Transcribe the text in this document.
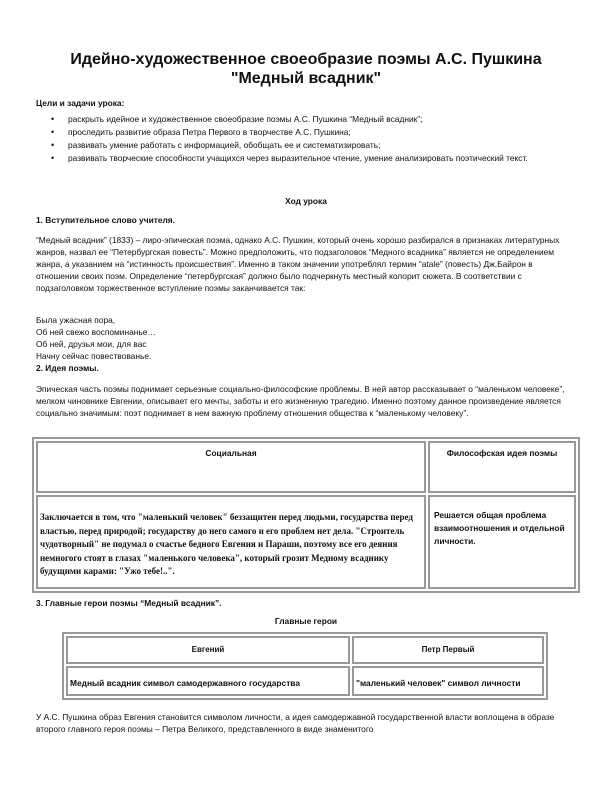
Идейно-художественное своеобразие поэмы А.С. Пушкина "Медный всадник"
Цели и задачи урока:
• раскрыть идейное и художественное своеобразие поэмы А.С. Пушкина “Медный всадник”;
• проследить развитие образа Петра Первого в творчестве А.С. Пушкина;
• развивать умение работать с информацией, обобщать ее и систематизировать;
• развивать творческие способности учащихся через выразительное чтение, умение анализировать поэтический текст.
Ход урока
1. Вступительное слово учителя.

“Медный всадник” (1833) – лиро-эпическая поэма, однако А.С. Пушкин, который очень хорошо разбирался в признаках литературных жанров, назвал ее “Петербургская повесть”. Можно предположить, что подзаголовок “Медного всадника” является не определением жанра, а указанием на “истинность происшествия”. Именно в таком значении употреблял термин “atale” (повесть) Дж.Байрон в отношении своих поэм. Определение “петербургская” должно было подчеркнуть местный колорит сюжета. В соответствии с подзаголовком торжественное вступление поэмы заканчивается так:

Была ужасная пора,
Об ней свежо воспоминанье…
Об ней, друзья мои, для вас
Начну сейчас повествованье.
2. Идея поэмы.

Эпическая часть поэмы поднимает серьезные социально-философские проблемы. В ней автор рассказывает о “маленьком человеке”, мелком чиновнике Евгении, описывает его мечты, заботы и его жизненную трагедию. Именно поэтому данное произведение является социально значимым: поэт поднимает в нем важную проблему отношения общества к “маленькому человеку”.

Социальная	Философская идея поэмы
Заключается в том, что "маленький человек" беззащитен перед людьми, государства перед властью, перед природой; государству до него самого и его проблем нет дела. "Строитель чудотворный" не подумал о счастье бедного Евгения и Параши, поэтому все его деяния немногого стоят в глазах "маленького человека", который грозит Медному всаднику будущими карами: "Ужо тебе!..".	Решается общая проблема взаимоотношения и отдельной личности.
3. Главные герои поэмы “Медный всадник”.
Главные герои
Евгений	Петр Первый
Медный всадник символ самодержавного государства	"маленький человек" символ личности

У А.С. Пушкина образ Евгения становится символом личности, а идея самодержавной государственной власти воплощена в образе второго главного героя поэмы – Петра Великого, представленного в виде знаменитого
